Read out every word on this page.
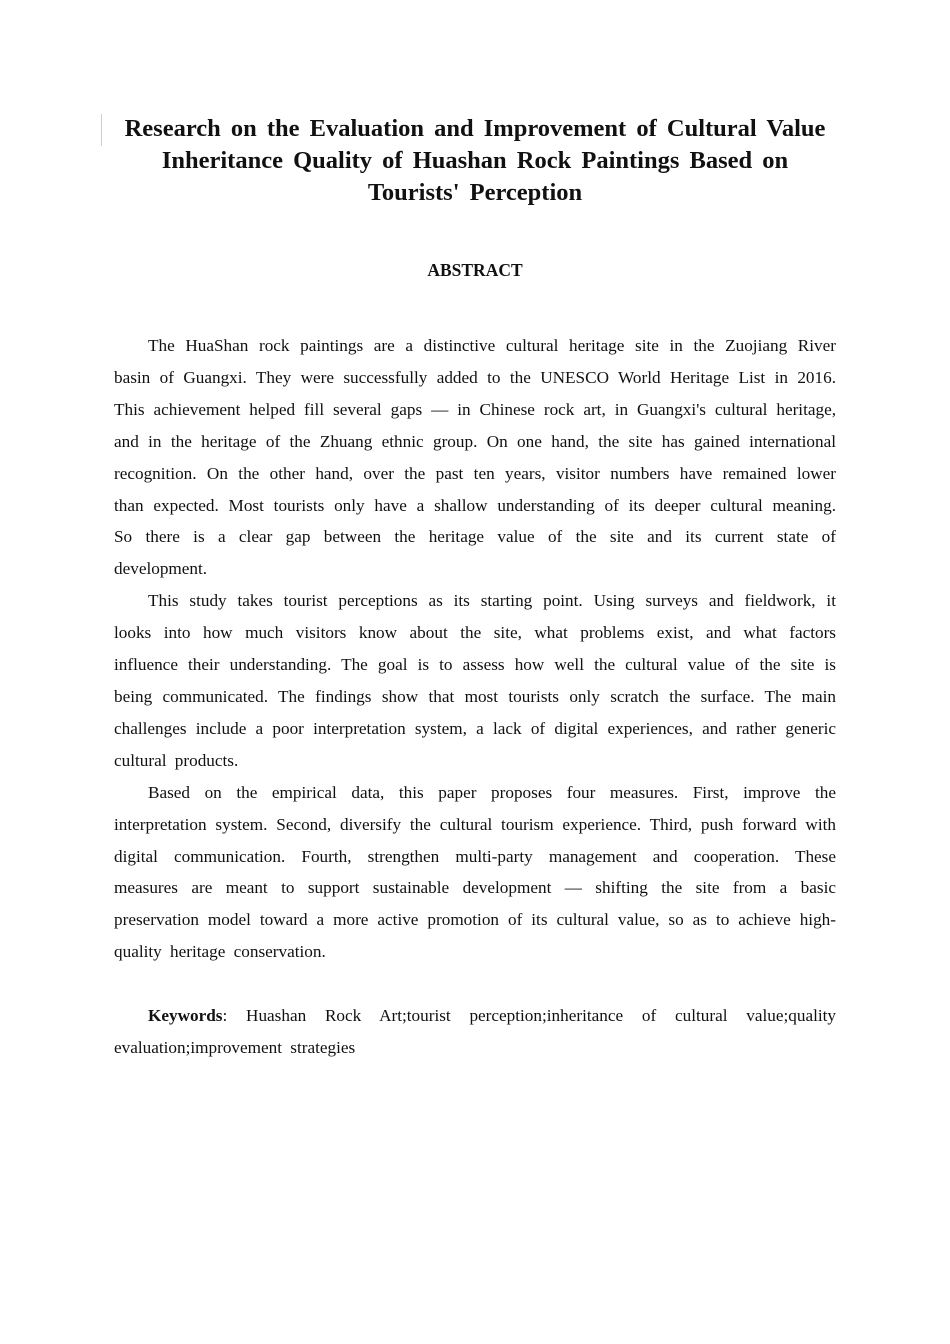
Research on the Evaluation and Improvement of Cultural Value Inheritance Quality of Huashan Rock Paintings Based on Tourists' Perception
ABSTRACT

The HuaShan rock paintings are a distinctive cultural heritage site in the Zuojiang River basin of Guangxi. They were successfully added to the UNESCO World Heritage List in 2016. This achievement helped fill several gaps — in Chinese rock art, in Guangxi's cultural heritage, and in the heritage of the Zhuang ethnic group. On one hand, the site has gained international recognition. On the other hand, over the past ten years, visitor numbers have remained lower than expected. Most tourists only have a shallow understanding of its deeper cultural meaning. So there is a clear gap between the heritage value of the site and its current state of development.

This study takes tourist perceptions as its starting point. Using surveys and fieldwork, it looks into how much visitors know about the site, what problems exist, and what factors influence their understanding. The goal is to assess how well the cultural value of the site is being communicated. The findings show that most tourists only scratch the surface. The main challenges include a poor interpretation system, a lack of digital experiences, and rather generic cultural products.

Based on the empirical data, this paper proposes four measures. First, improve the interpretation system. Second, diversify the cultural tourism experience. Third, push forward with digital communication. Fourth, strengthen multi-party management and cooperation. These measures are meant to support sustainable development — shifting the site from a basic preservation model toward a more active promotion of its cultural value, so as to achieve high-quality heritage conservation.

Keywords: Huashan Rock Art;tourist perception;inheritance of cultural value;quality evaluation;improvement strategies
